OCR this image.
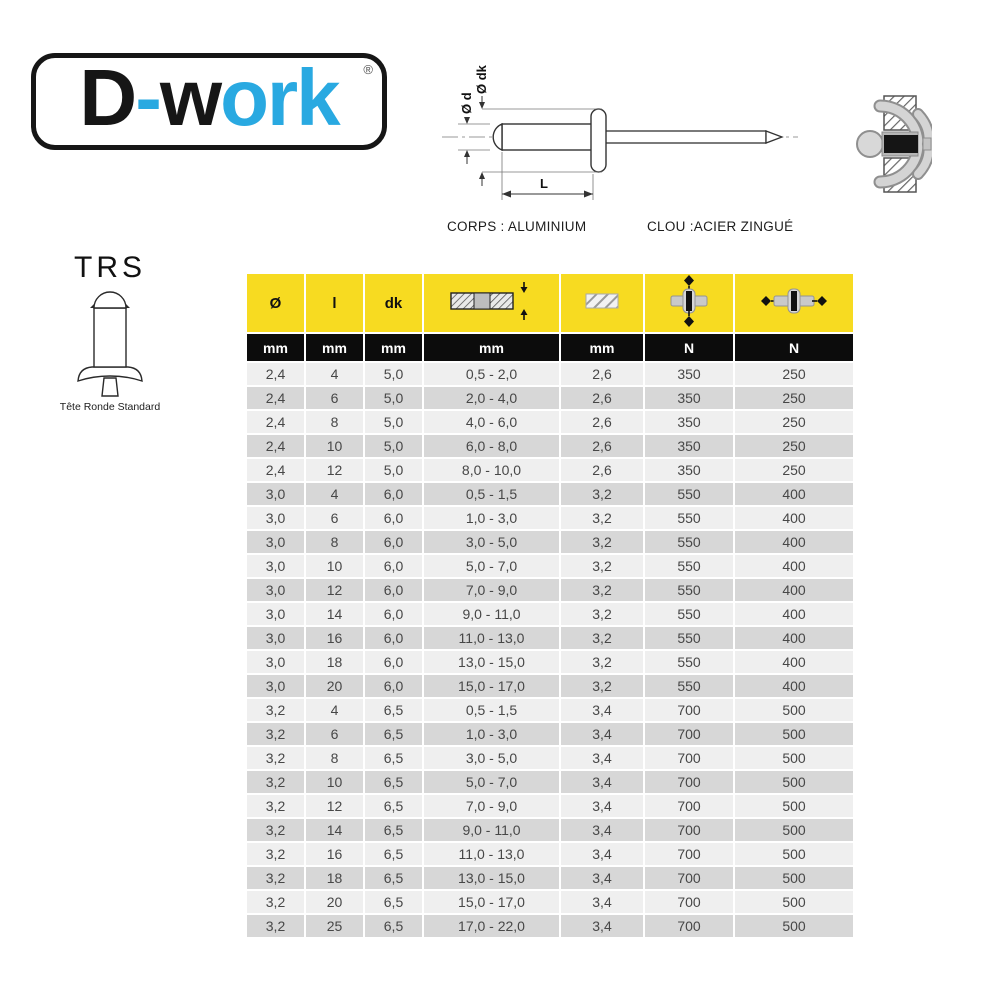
D-work ®	Ø dk
Ø d
L
CORPS : ALUMINIUM	CLOU :ACIER ZINGUÉ
TRS
Tête Ronde Standard
Ø	l	dk				
mm	mm	mm	mm	mm	N	N
2,4	4	5,0	0,5 - 2,0	2,6	350	250
2,4	6	5,0	2,0 - 4,0	2,6	350	250
2,4	8	5,0	4,0 - 6,0	2,6	350	250
2,4	10	5,0	6,0 - 8,0	2,6	350	250
2,4	12	5,0	8,0 - 10,0	2,6	350	250
3,0	4	6,0	0,5 - 1,5	3,2	550	400
3,0	6	6,0	1,0 - 3,0	3,2	550	400
3,0	8	6,0	3,0 - 5,0	3,2	550	400
3,0	10	6,0	5,0 - 7,0	3,2	550	400
3,0	12	6,0	7,0 - 9,0	3,2	550	400
3,0	14	6,0	9,0 - 11,0	3,2	550	400
3,0	16	6,0	11,0 - 13,0	3,2	550	400
3,0	18	6,0	13,0 - 15,0	3,2	550	400
3,0	20	6,0	15,0 - 17,0	3,2	550	400
3,2	4	6,5	0,5 - 1,5	3,4	700	500
3,2	6	6,5	1,0 - 3,0	3,4	700	500
3,2	8	6,5	3,0 - 5,0	3,4	700	500
3,2	10	6,5	5,0 - 7,0	3,4	700	500
3,2	12	6,5	7,0 - 9,0	3,4	700	500
3,2	14	6,5	9,0 - 11,0	3,4	700	500
3,2	16	6,5	11,0 - 13,0	3,4	700	500
3,2	18	6,5	13,0 - 15,0	3,4	700	500
3,2	20	6,5	15,0 - 17,0	3,4	700	500
3,2	25	6,5	17,0 - 22,0	3,4	700	500
